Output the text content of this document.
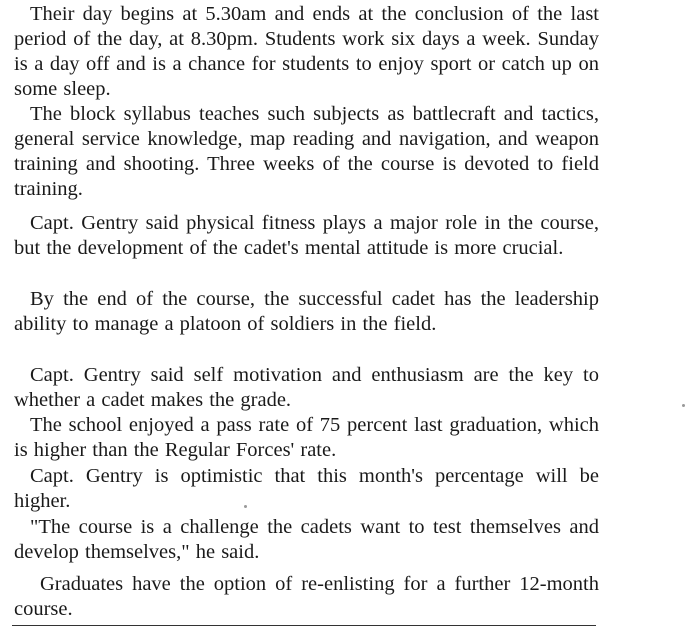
Their day begins at 5.30am and ends at the conclusion of the last period of the day, at 8.30pm. Students work six days a week. Sunday is a day off and is a chance for students to enjoy sport or catch up on some sleep.

The block syllabus teaches such subjects as battlecraft and tactics, general service knowledge, map reading and navigation, and weapon training and shooting. Three weeks of the course is devoted to field training.

Capt. Gentry said physical fitness plays a major role in the course, but the development of the cadet's mental attitude is more crucial.

By the end of the course, the successful cadet has the leadership ability to manage a platoon of soldiers in the field.

Capt. Gentry said self motivation and enthusiasm are the key to whether a cadet makes the grade.

The school enjoyed a pass rate of 75 percent last graduation, which is higher than the Regular Forces' rate.

Capt. Gentry is optimistic that this month's percentage will be higher.

"The course is a challenge the cadets want to test themselves and develop themselves," he said.

Graduates have the option of re-enlisting for a further 12-month course.
